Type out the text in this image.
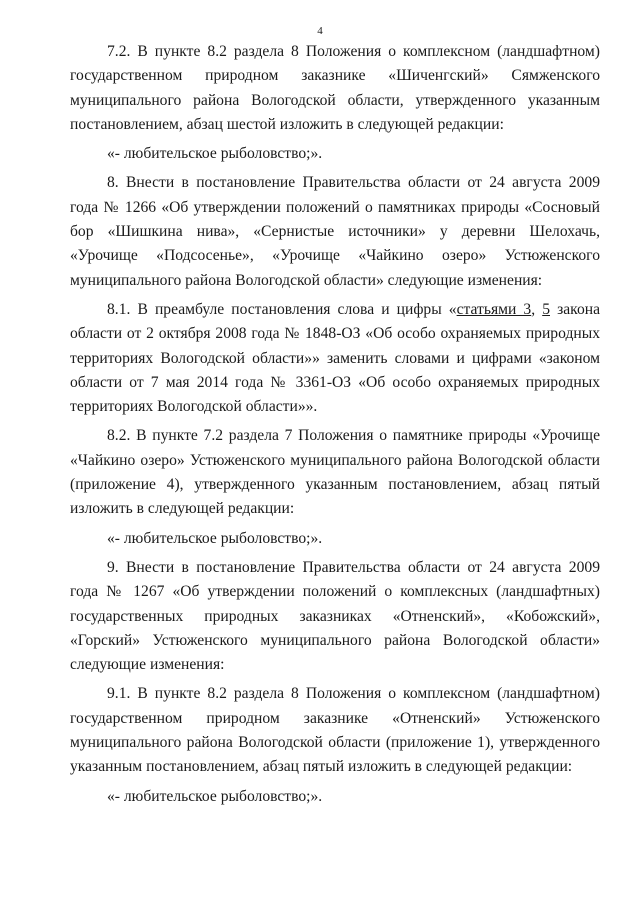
4

7.2. В пункте 8.2 раздела 8 Положения о комплексном (ландшафтном) государственном природном заказнике «Шиченгский» Сямженского муниципального района Вологодской области, утвержденного указанным постановлением, абзац шестой изложить в следующей редакции:

«- любительское рыболовство;».

8. Внести в постановление Правительства области от 24 августа 2009 года № 1266 «Об утверждении положений о памятниках природы «Сосновый бор «Шишкина нива», «Сернистые источники» у деревни Шелохачь, «Урочище «Подсосенье», «Урочище «Чайкино озеро» Устюженского муниципального района Вологодской области» следующие изменения:

8.1. В преамбуле постановления слова и цифры «статьями 3, 5 закона области от 2 октября 2008 года № 1848-ОЗ «Об особо охраняемых природных территориях Вологодской области»» заменить словами и цифрами «законом области от 7 мая 2014 года № 3361-ОЗ «Об особо охраняемых природных территориях Вологодской области»».

8.2. В пункте 7.2 раздела 7 Положения о памятнике природы «Урочище «Чайкино озеро» Устюженского муниципального района Вологодской области (приложение 4), утвержденного указанным постановлением, абзац пятый изложить в следующей редакции:

«- любительское рыболовство;».

9. Внести в постановление Правительства области от 24 августа 2009 года № 1267 «Об утверждении положений о комплексных (ландшафтных) государственных природных заказниках «Отненский», «Кобожский», «Горский» Устюженского муниципального района Вологодской области» следующие изменения:

9.1. В пункте 8.2 раздела 8 Положения о комплексном (ландшафтном) государственном природном заказнике «Отненский» Устюженского муниципального района Вологодской области (приложение 1), утвержденного указанным постановлением, абзац пятый изложить в следующей редакции:

«- любительское рыболовство;».
